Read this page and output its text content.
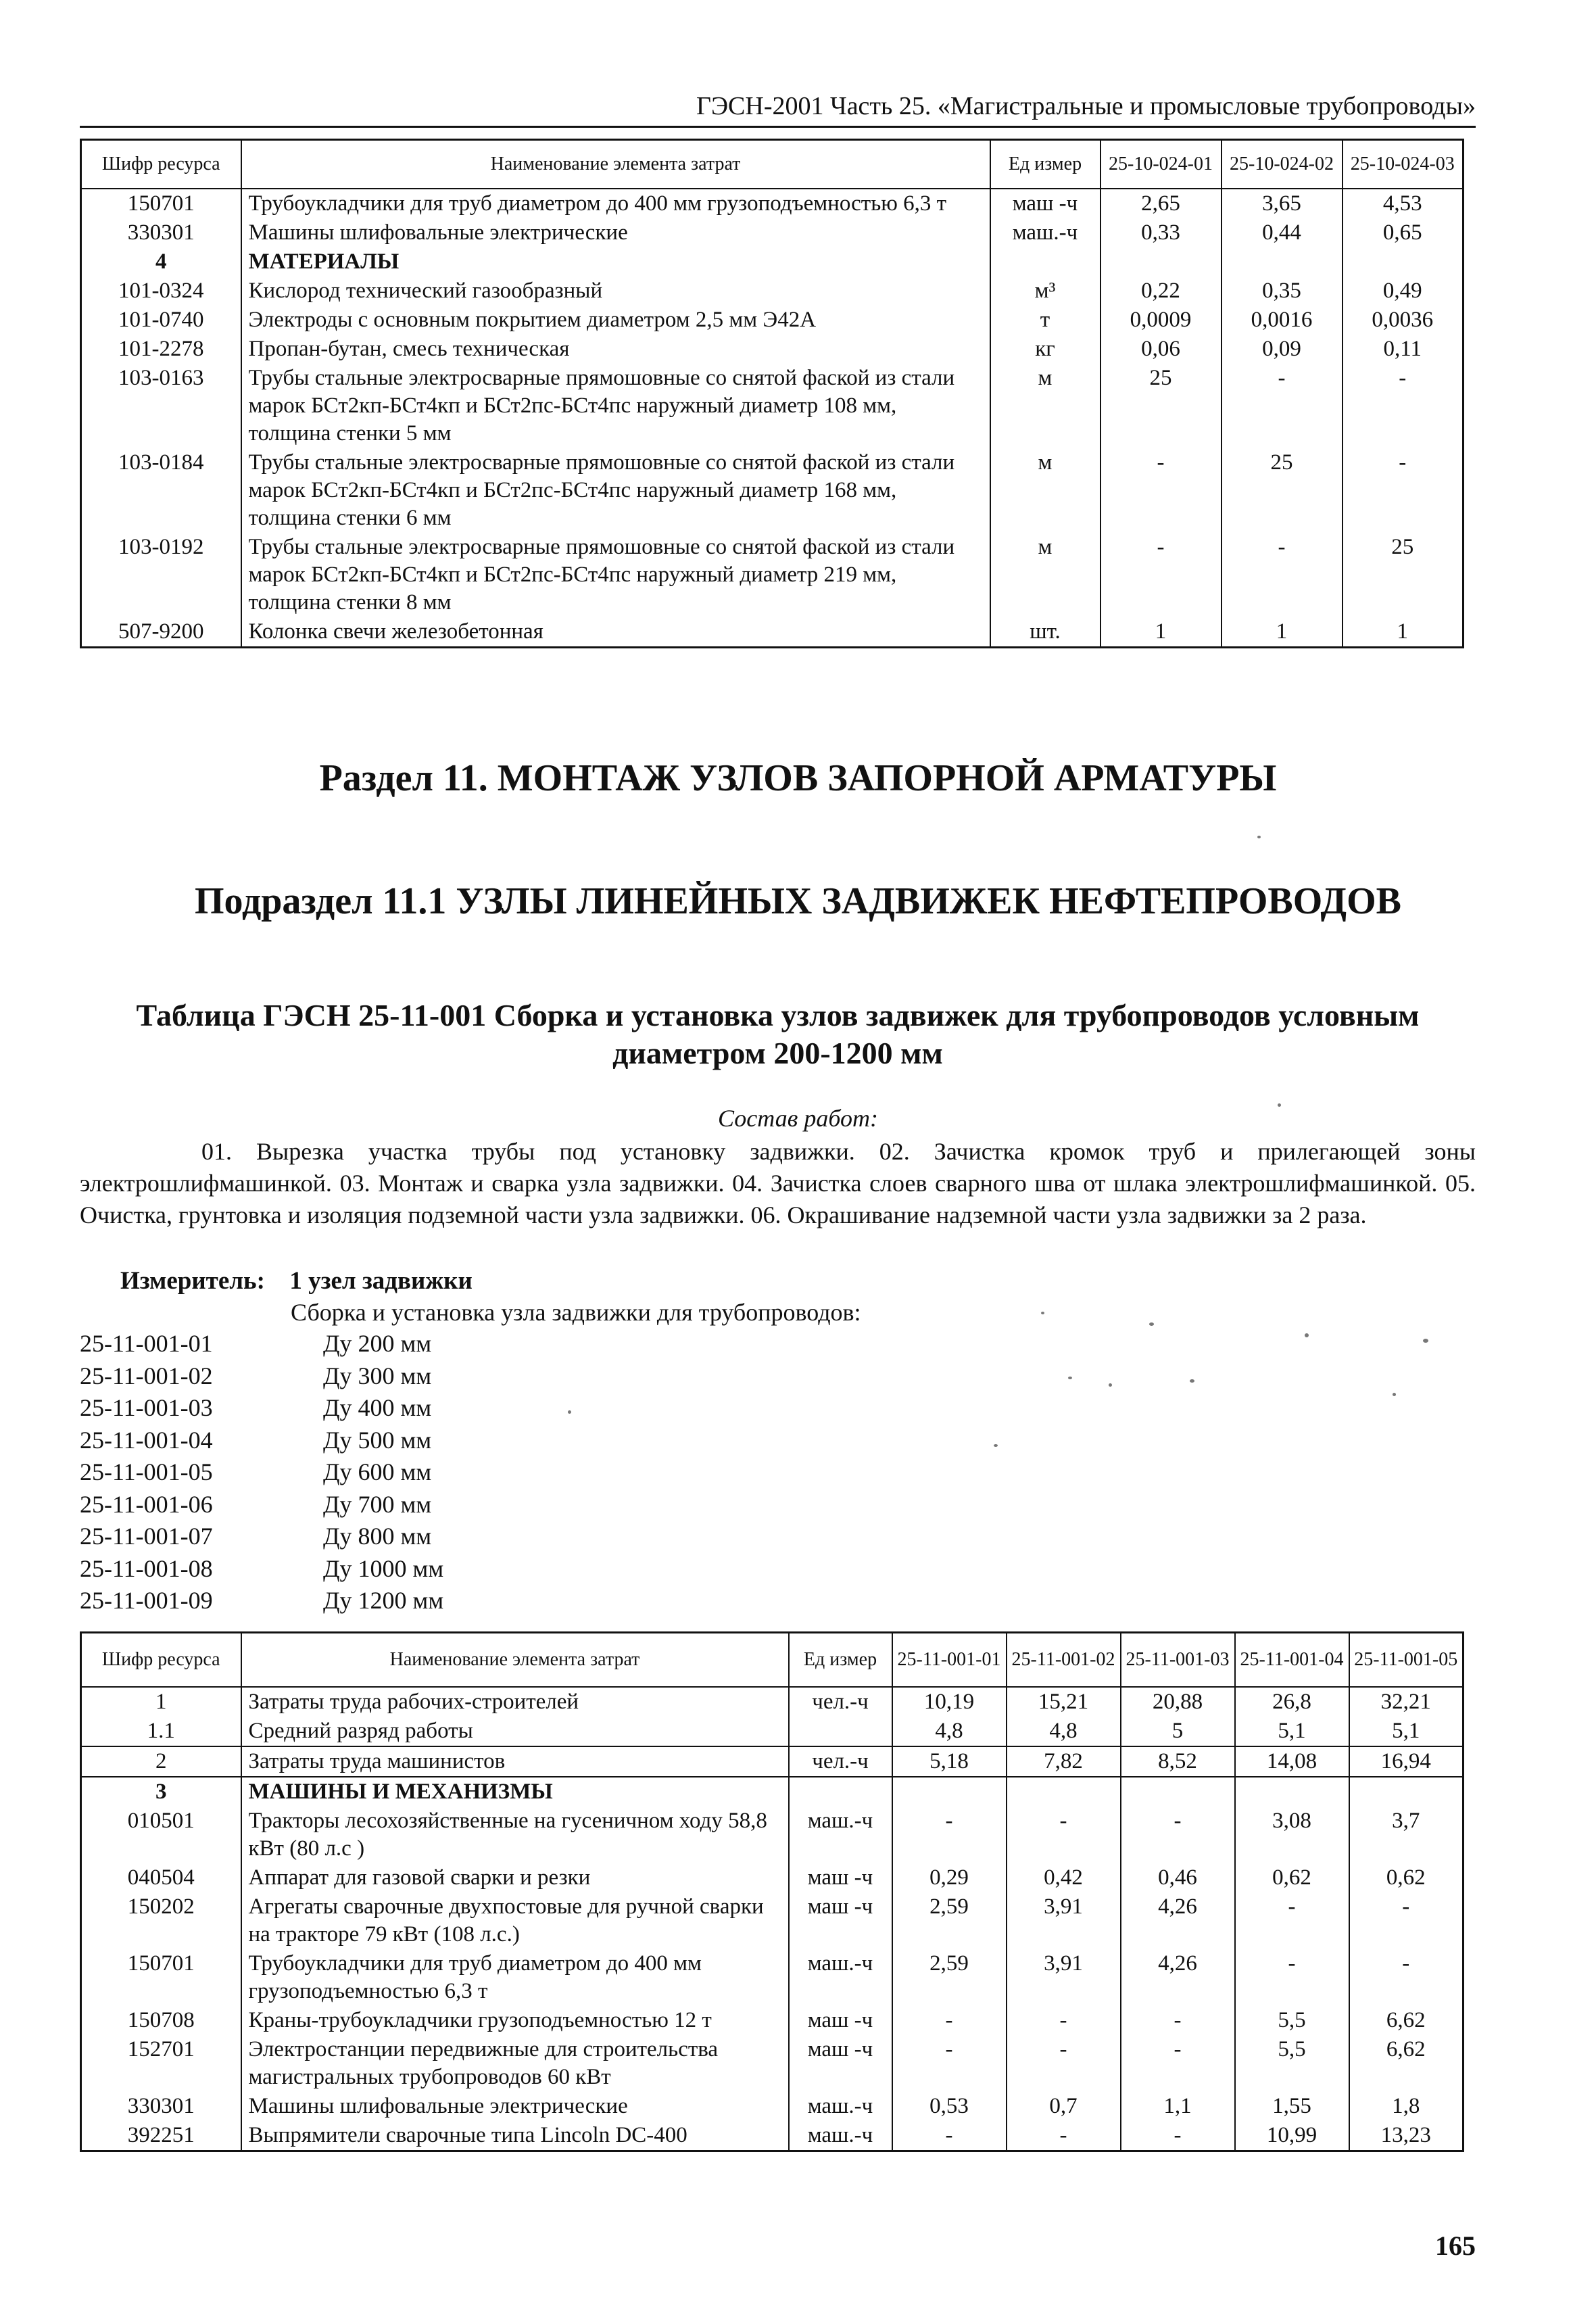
ГЭСН-2001 Часть 25. «Магистральные и промысловые трубопроводы»
Шифр ресурса	Наименование элемента затрат	Ед измер	25-10-024-01	25-10-024-02	25-10-024-03
150701	Трубоукладчики для труб диаметром до 400 мм грузоподъемностью 6,3 т	маш -ч	2,65	3,65	4,53
330301	Машины шлифовальные электрические	маш.-ч	0,33	0,44	0,65
4	МАТЕРИАЛЫ				
101-0324	Кислород технический газообразный	м³	0,22	0,35	0,49
101-0740	Электроды с основным покрытием диаметром 2,5 мм Э42А	т	0,0009	0,0016	0,0036
101-2278	Пропан-бутан, смесь техническая	кг	0,06	0,09	0,11
103-0163	Трубы стальные электросварные прямошовные со снятой фаской из стали марок БСт2кп-БСт4кп и БСт2пс-БСт4пс наружный диаметр 108 мм, толщина стенки 5 мм	м	25	-	-
103-0184	Трубы стальные электросварные прямошовные со снятой фаской из стали марок БСт2кп-БСт4кп и БСт2пс-БСт4пс наружный диаметр 168 мм, толщина стенки 6 мм	м	-	25	-
103-0192	Трубы стальные электросварные прямошовные со снятой фаской из стали марок БСт2кп-БСт4кп и БСт2пс-БСт4пс наружный диаметр 219 мм, толщина стенки 8 мм	м	-	-	25
507-9200	Колонка свечи железобетонная	шт.	1	1	1
Раздел 11. МОНТАЖ УЗЛОВ ЗАПОРНОЙ АРМАТУРЫ
Подраздел 11.1 УЗЛЫ ЛИНЕЙНЫХ ЗАДВИЖЕК НЕФТЕПРОВОДОВ
Таблица ГЭСН 25-11-001 Сборка и установка узлов задвижек для трубопроводов условным диаметром 200-1200 мм
Состав работ:
01. Вырезка участка трубы под установку задвижки. 02. Зачистка кромок труб и прилегающей зоны электрошлифмашинкой. 03. Монтаж и сварка узла задвижки. 04. Зачистка слоев сварного шва от шлака электрошлифмашинкой. 05. Очистка, грунтовка и изоляция подземной части узла задвижки. 06. Окрашивание надземной части узла задвижки за 2 раза.
Измеритель: 1 узел задвижки
Сборка и установка узла задвижки для трубопроводов:
25-11-001-01	Ду 200 мм
25-11-001-02	Ду 300 мм
25-11-001-03	Ду 400 мм
25-11-001-04	Ду 500 мм
25-11-001-05	Ду 600 мм
25-11-001-06	Ду 700 мм
25-11-001-07	Ду 800 мм
25-11-001-08	Ду 1000 мм
25-11-001-09	Ду 1200 мм
Шифр ресурса	Наименование элемента затрат	Ед измер	25-11-001-01	25-11-001-02	25-11-001-03	25-11-001-04	25-11-001-05
1	Затраты труда рабочих-строителей	чел.-ч	10,19	15,21	20,88	26,8	32,21
1.1	Средний разряд работы		4,8	4,8	5	5,1	5,1
2	Затраты труда машинистов	чел.-ч	5,18	7,82	8,52	14,08	16,94
3	МАШИНЫ И МЕХАНИЗМЫ						
010501	Тракторы лесохозяйственные на гусеничном ходу 58,8 кВт (80 л.с )	маш.-ч	-	-	-	3,08	3,7
040504	Аппарат для газовой сварки и резки	маш -ч	0,29	0,42	0,46	0,62	0,62
150202	Агрегаты сварочные двухпостовые для ручной сварки на тракторе 79 кВт (108 л.с.)	маш -ч	2,59	3,91	4,26	-	-
150701	Трубоукладчики для труб диаметром до 400 мм грузоподъемностью 6,3 т	маш.-ч	2,59	3,91	4,26	-	-
150708	Краны-трубоукладчики грузоподъемностью 12 т	маш -ч	-	-	-	5,5	6,62
152701	Электростанции передвижные для строительства магистральных трубопроводов 60 кВт	маш -ч	-	-	-	5,5	6,62
330301	Машины шлифовальные электрические	маш.-ч	0,53	0,7	1,1	1,55	1,8
392251	Выпрямители сварочные типа Lincoln DC-400	маш.-ч	-	-	-	10,99	13,23
165
